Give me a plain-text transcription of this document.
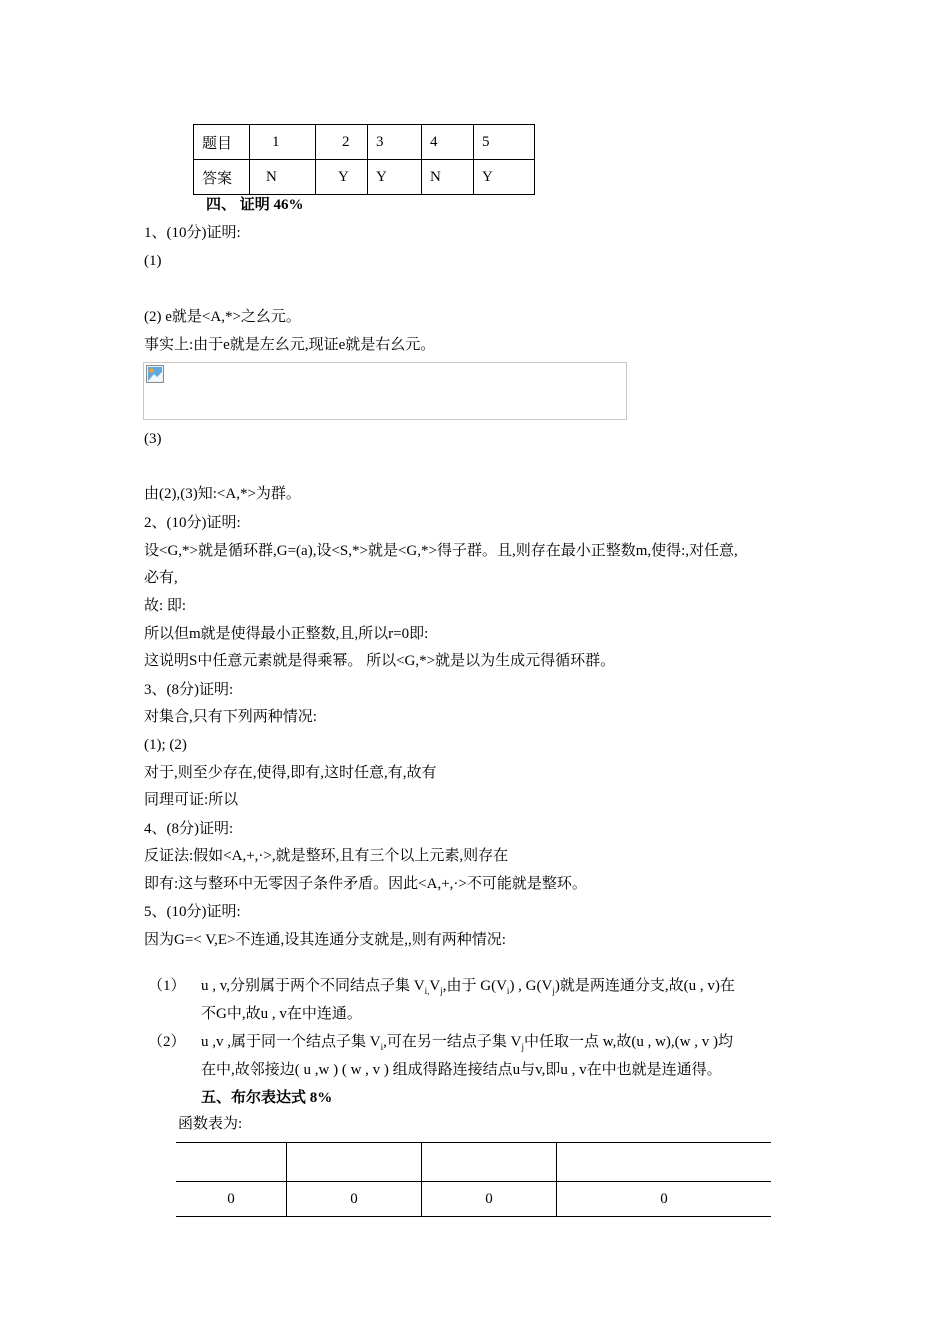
题目	1	2	3	4	5
答案	N	Y	Y	N	Y
四、 证明 46%
1、(10分)证明:
(1)
(2) e就是<A,*>之幺元。
事实上:由于e就是左幺元,现证e就是右幺元。
(3)
由(2),(3)知:<A,*>为群。
2、(10分)证明:
设<G,*>就是循环群,G=(a),设<S,*>就是<G,*>得子群。且,则存在最小正整数m,使得:,对任意,
必有,
故: 即:
所以但m就是使得最小正整数,且,所以r=0即:
这说明S中任意元素就是得乘幂。 所以<G,*>就是以为生成元得循环群。
3、(8分)证明:
对集合,只有下列两种情况:
(1); (2)
对于,则至少存在,使得,即有,这时任意,有,故有
同理可证:所以
4、(8分)证明:
反证法:假如<A,+,·>,就是整环,且有三个以上元素,则存在
即有:这与整环中无零因子条件矛盾。因此<A,+,·>不可能就是整环。
5、(10分)证明:
因为G=< V,E>不连通,设其连通分支就是,,则有两种情况:
（1） u , v,分别属于两个不同结点子集 $V_{i,}V_j$,由于 $G(V_i)$ , $G(V_j)$就是两连通分支,故(u , v)在
不G中,故u , v在中连通。
（2） u ,v ,属于同一个结点子集 $V_i$,可在另一结点子集 $V_j$中任取一点 w,故(u , w),(w , v )均
在中,故邻接边( u ,w ) ( w , v ) 组成得路连接结点u与v,即u , v在中也就是连通得。
五、布尔表达式 8%
函数表为:

0	0	0	0
